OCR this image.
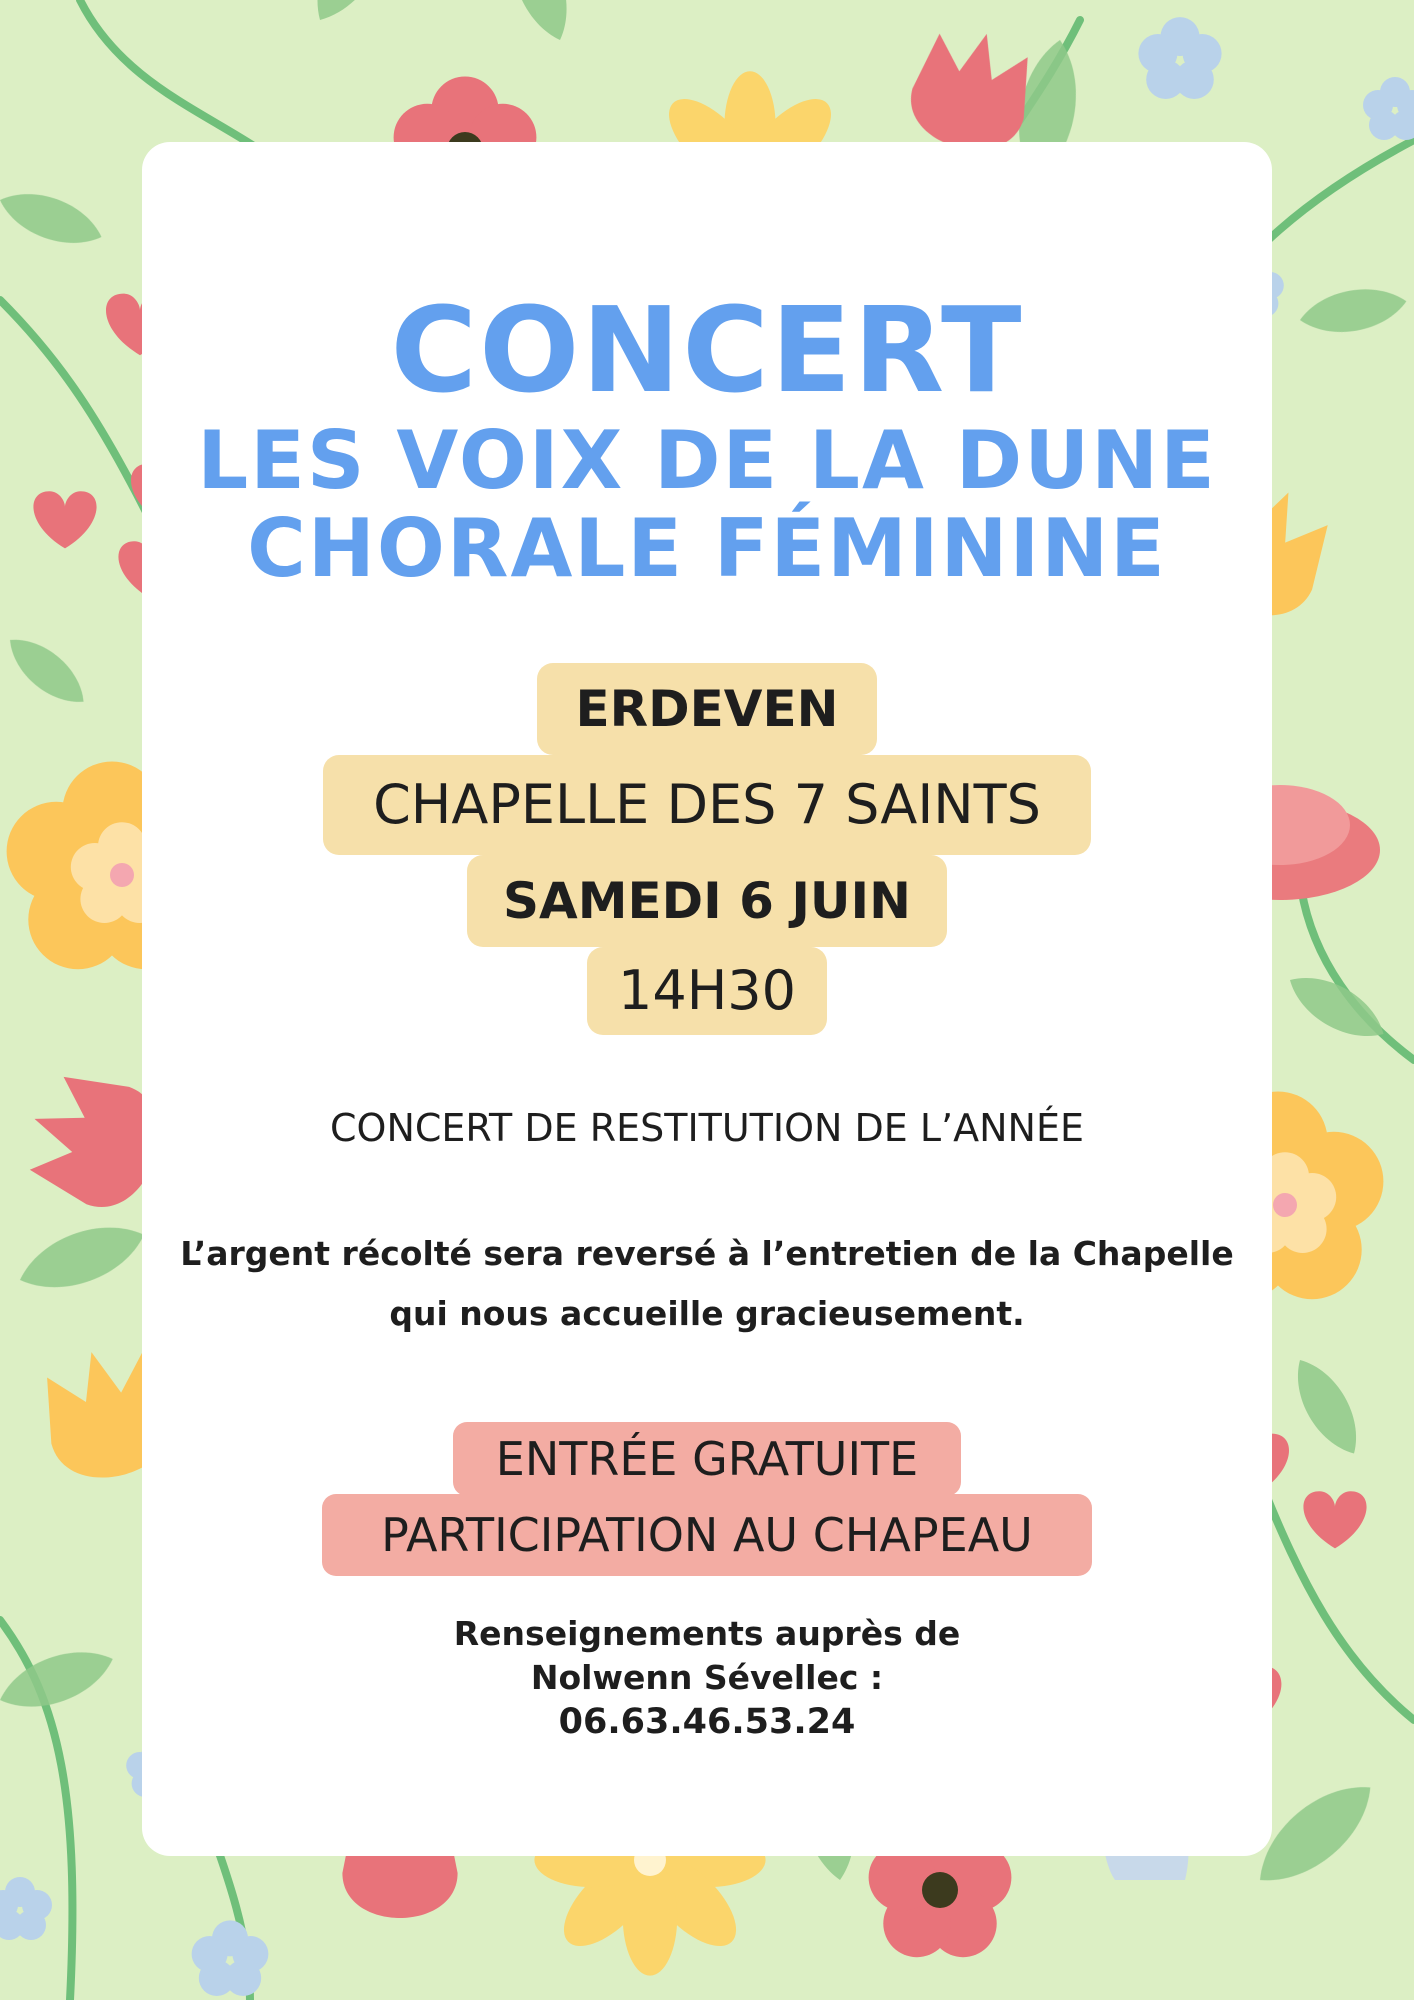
CONCERT
LES VOIX DE LA DUNE
CHORALE FÉMININE
ERDEVEN
CHAPELLE DES 7 SAINTS
SAMEDI 6 JUIN
14H30

CONCERT DE RESTITUTION DE L’ANNÉE

L’argent récolté sera reversé à l’entretien de la Chapelle

qui nous accueille gracieusement.

ENTRÉE GRATUITE
PARTICIPATION AU CHAPEAU

Renseignements auprès de

Nolwenn Sévellec :

06.63.46.53.24
